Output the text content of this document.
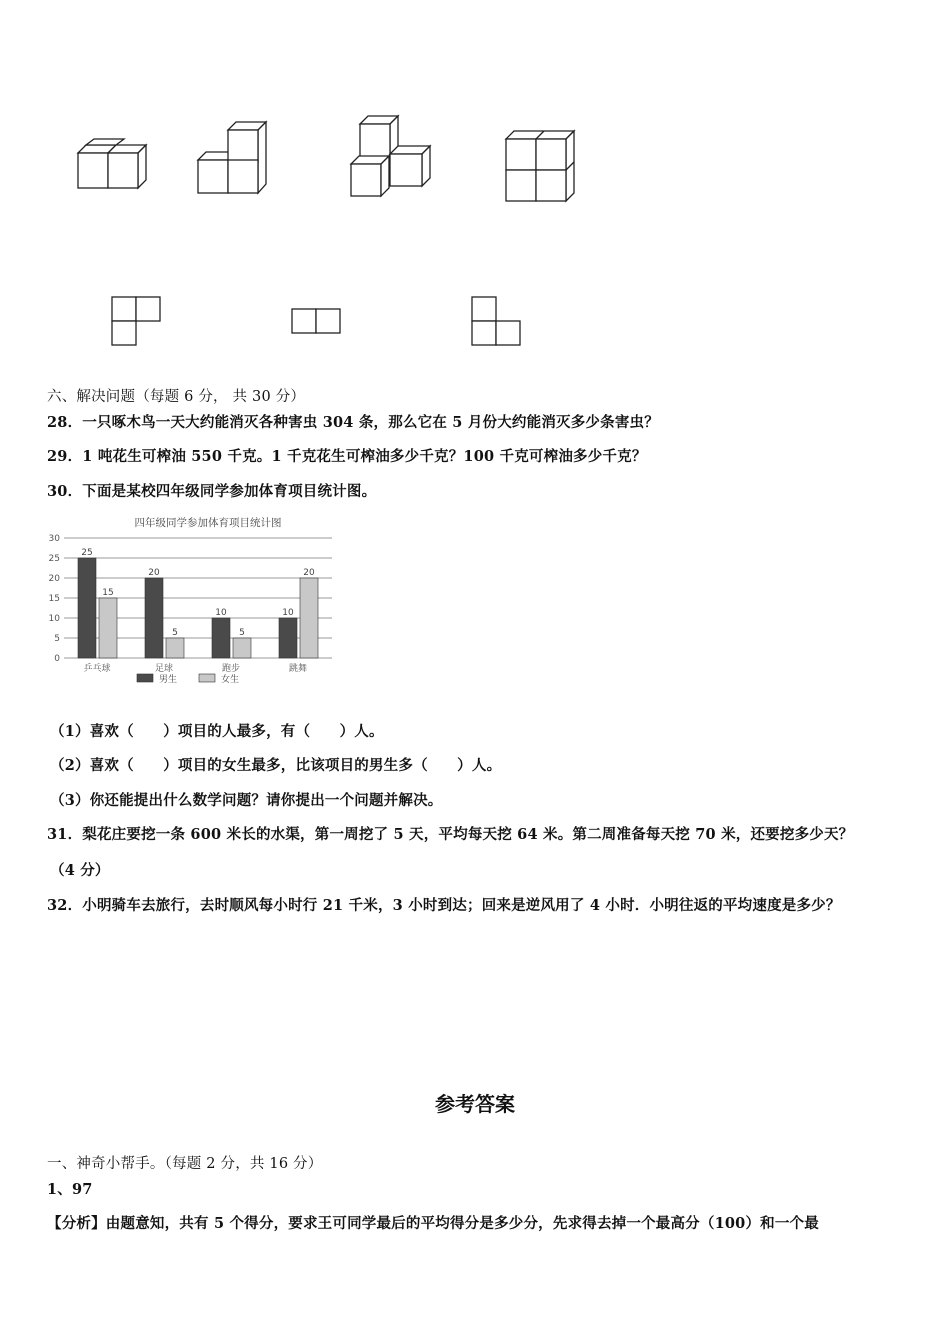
六、解决问题（每题 6 分， 共 30 分）
28．一只啄木鸟一天大约能消灭各种害虫 304 条，那么它在 5 月份大约能消灭多少条害虫？
29．1 吨花生可榨油 550 千克。1 千克花生可榨油多少千克？100 千克可榨油多少千克？
30．下面是某校四年级同学参加体育项目统计图。
四年级同学参加体育项目统计图
0
5
10
15
20
25
30
25
15
乒乓球
20
5
足球
10
5
跑步
10
20
跳舞
男生	女生
（1）喜欢（　　）项目的人最多，有（　　）人。
（2）喜欢（　　）项目的女生最多，比该项目的男生多（　　）人。
（3）你还能提出什么数学问题？请你提出一个问题并解决。
31．梨花庄要挖一条 600 米长的水渠，第一周挖了 5 天，平均每天挖 64 米。第二周准备每天挖 70 米，还要挖多少天？
（4 分）
32．小明骑车去旅行，去时顺风每小时行 21 千米，3 小时到达；回来是逆风用了 4 小时．小明往返的平均速度是多少？
参考答案
一、神奇小帮手。（每题 2 分，共 16 分）
1、97
【分析】由题意知，共有 5 个得分，要求王可同学最后的平均得分是多少分，先求得去掉一个最高分（100）和一个最
